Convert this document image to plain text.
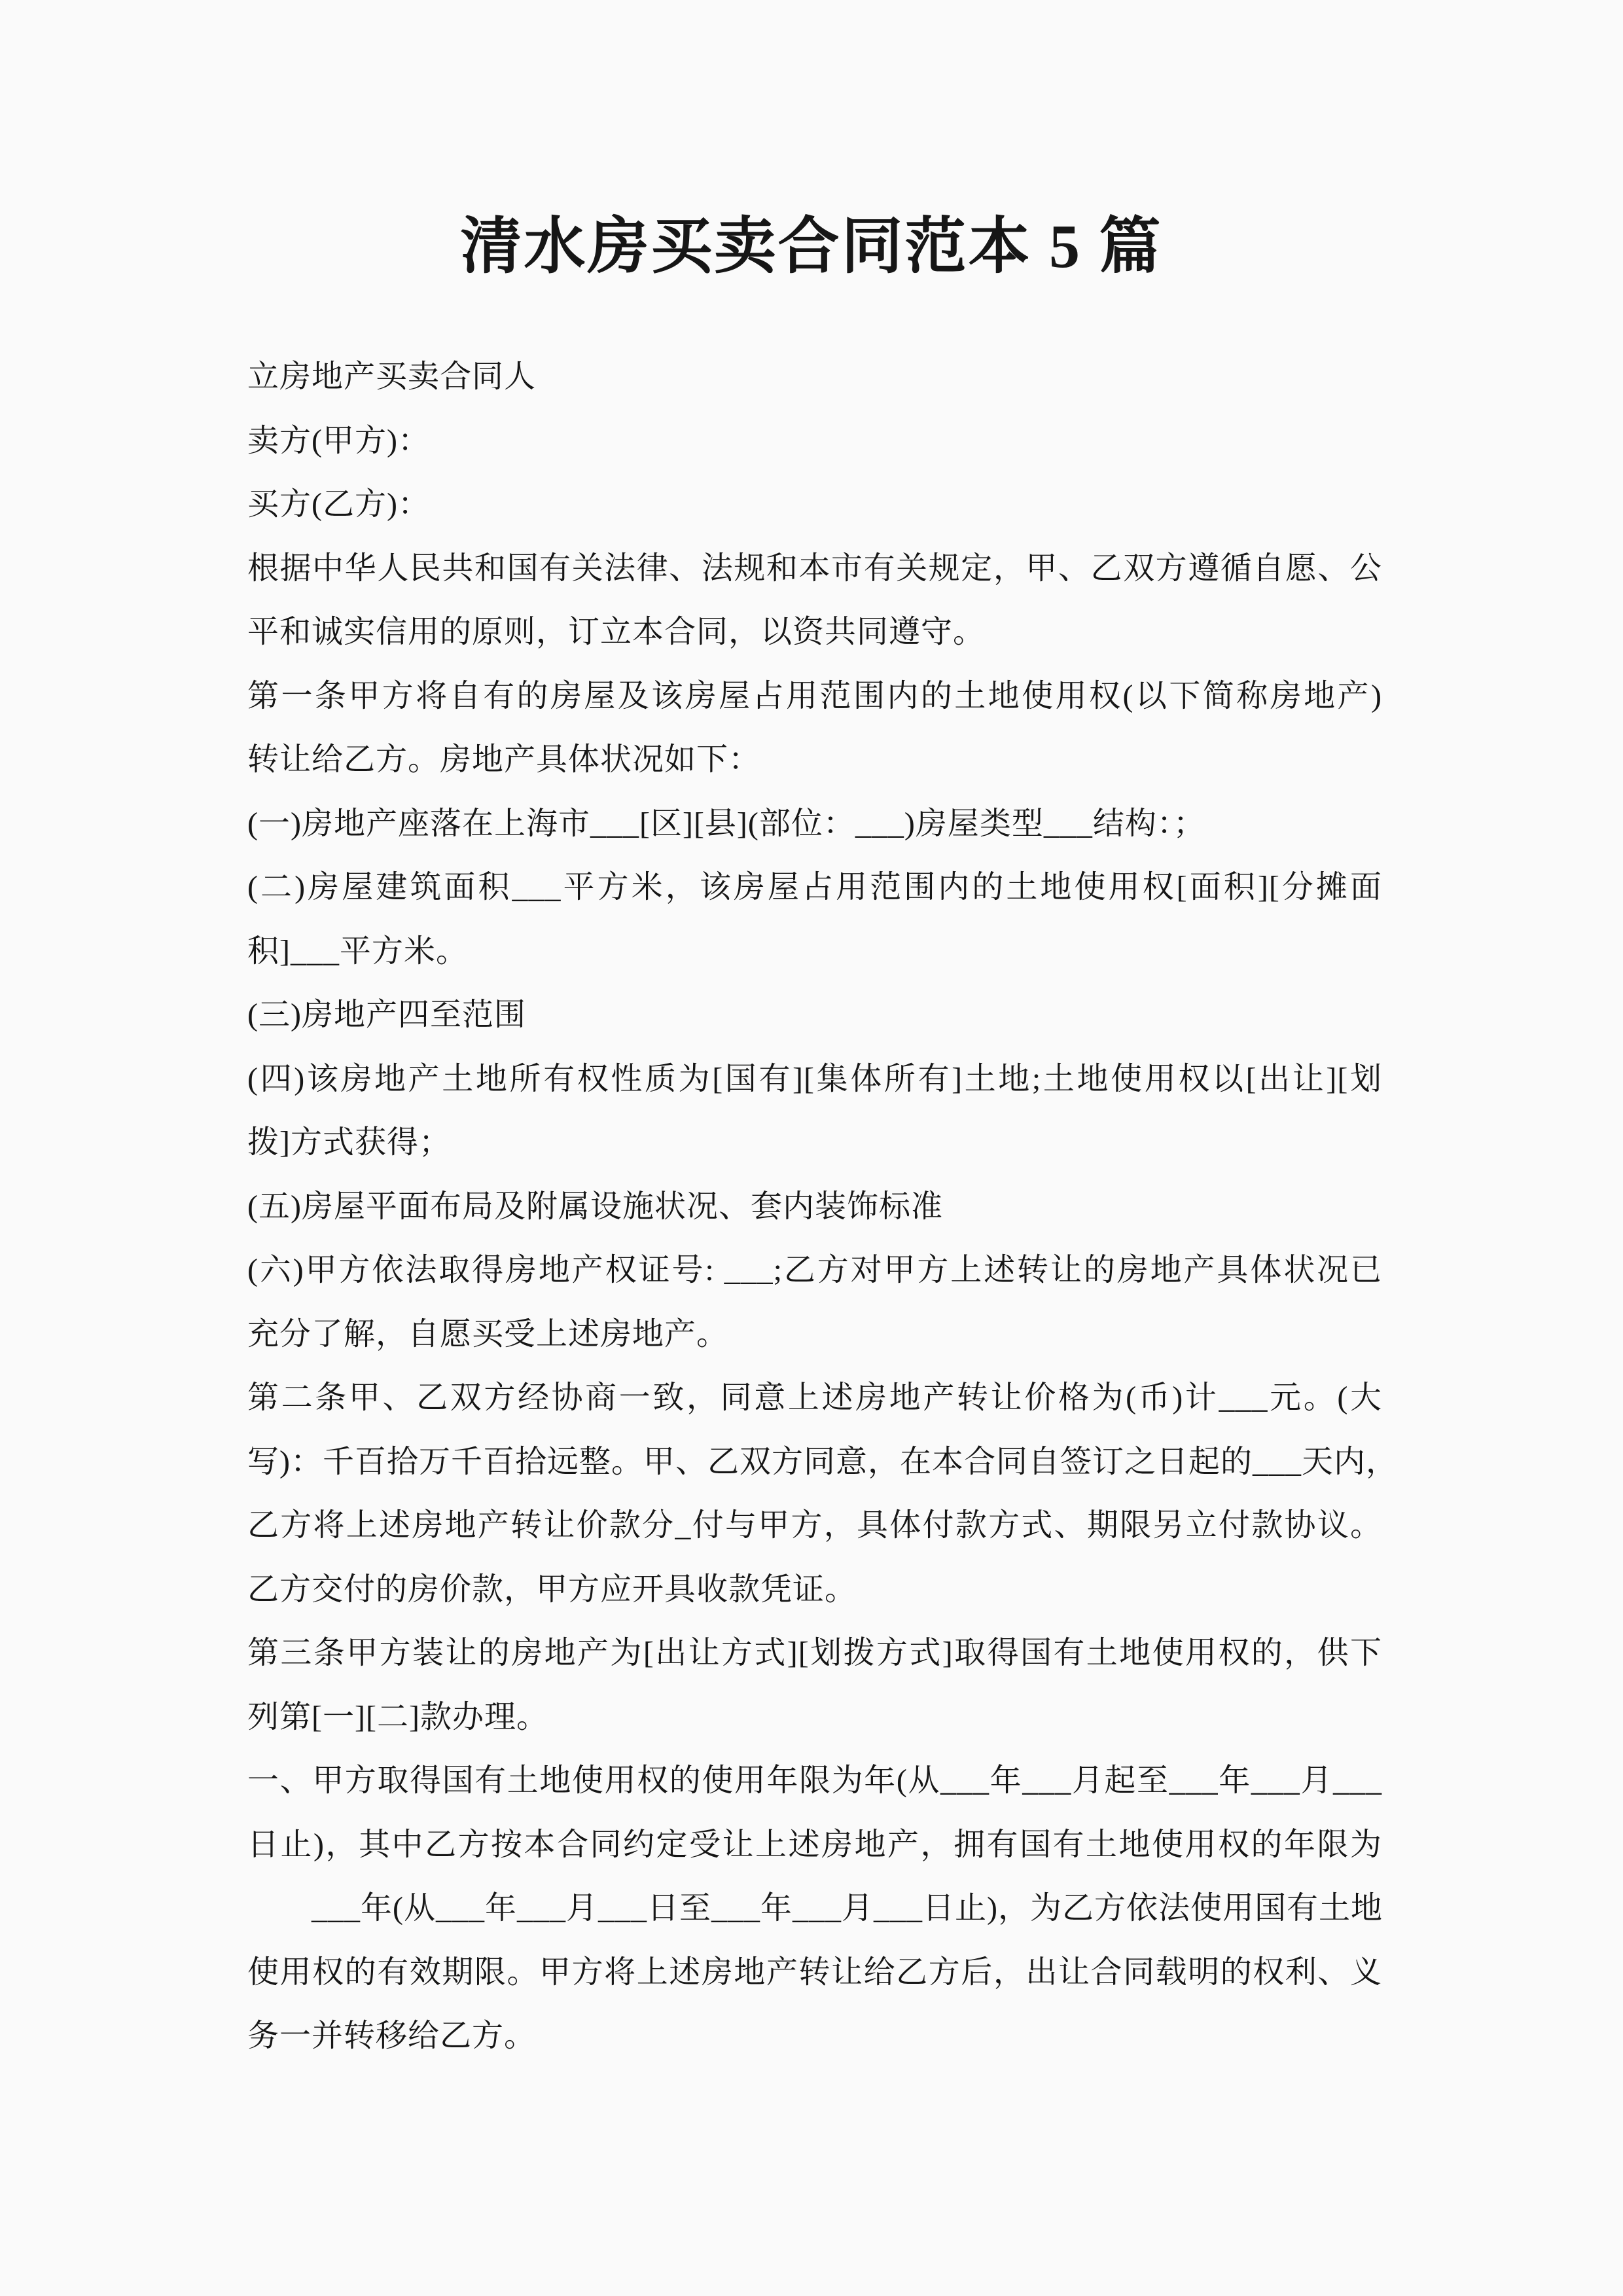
清水房买卖合同范本 5 篇
立房地产买卖合同人
卖方(甲方)：
买方(乙方)：
根据中华人民共和国有关法律、法规和本市有关规定，甲、乙双方遵循自愿、公
平和诚实信用的原则，订立本合同，以资共同遵守。
第一条甲方将自有的房屋及该房屋占用范围内的土地使用权(以下简称房地产)
转让给乙方。房地产具体状况如下：
(一)房地产座落在上海市___[区][县](部位：___)房屋类型___结构：；
(二)房屋建筑面积___平方米，该房屋占用范围内的土地使用权[面积][分摊面
积]___平方米。
(三)房地产四至范围
(四)该房地产土地所有权性质为[国有][集体所有]土地;土地使用权以[出让][划
拨]方式获得；
(五)房屋平面布局及附属设施状况、套内装饰标准
(六)甲方依法取得房地产权证号: ___;乙方对甲方上述转让的房地产具体状况已
充分了解，自愿买受上述房地产。
第二条甲、乙双方经协商一致，同意上述房地产转让价格为(币)计___元。(大
写)：千百拾万千百拾远整。甲、乙双方同意，在本合同自签订之日起的___天内，
乙方将上述房地产转让价款分_付与甲方，具体付款方式、期限另立付款协议。
乙方交付的房价款，甲方应开具收款凭证。
第三条甲方装让的房地产为[出让方式][划拨方式]取得国有土地使用权的，供下
列第[一][二]款办理。
一、甲方取得国有土地使用权的使用年限为年(从___年___月起至___年___月___
日止)，其中乙方按本合同约定受让上述房地产，拥有国有土地使用权的年限为
　　___年(从___年___月___日至___年___月___日止)，为乙方依法使用国有土地
使用权的有效期限。甲方将上述房地产转让给乙方后，出让合同载明的权利、义
务一并转移给乙方。
